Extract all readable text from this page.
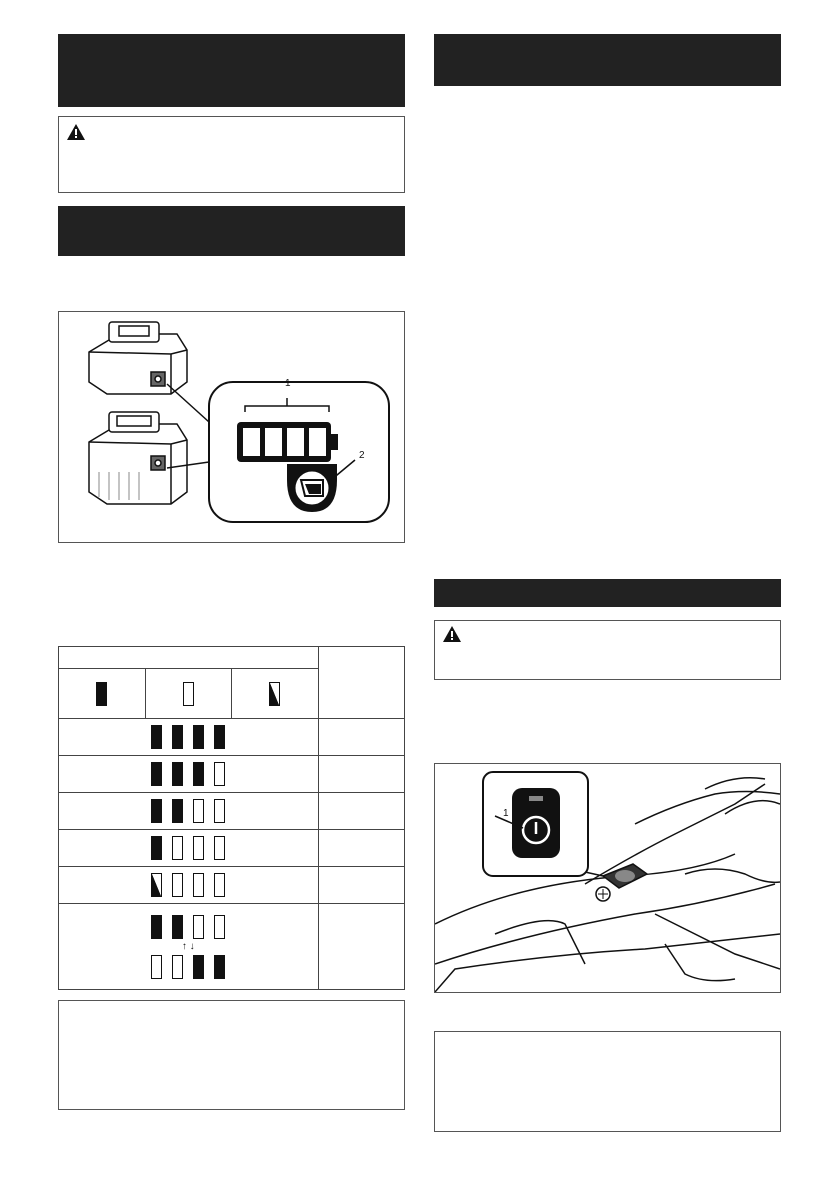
1
2

↑ ↓			

1
